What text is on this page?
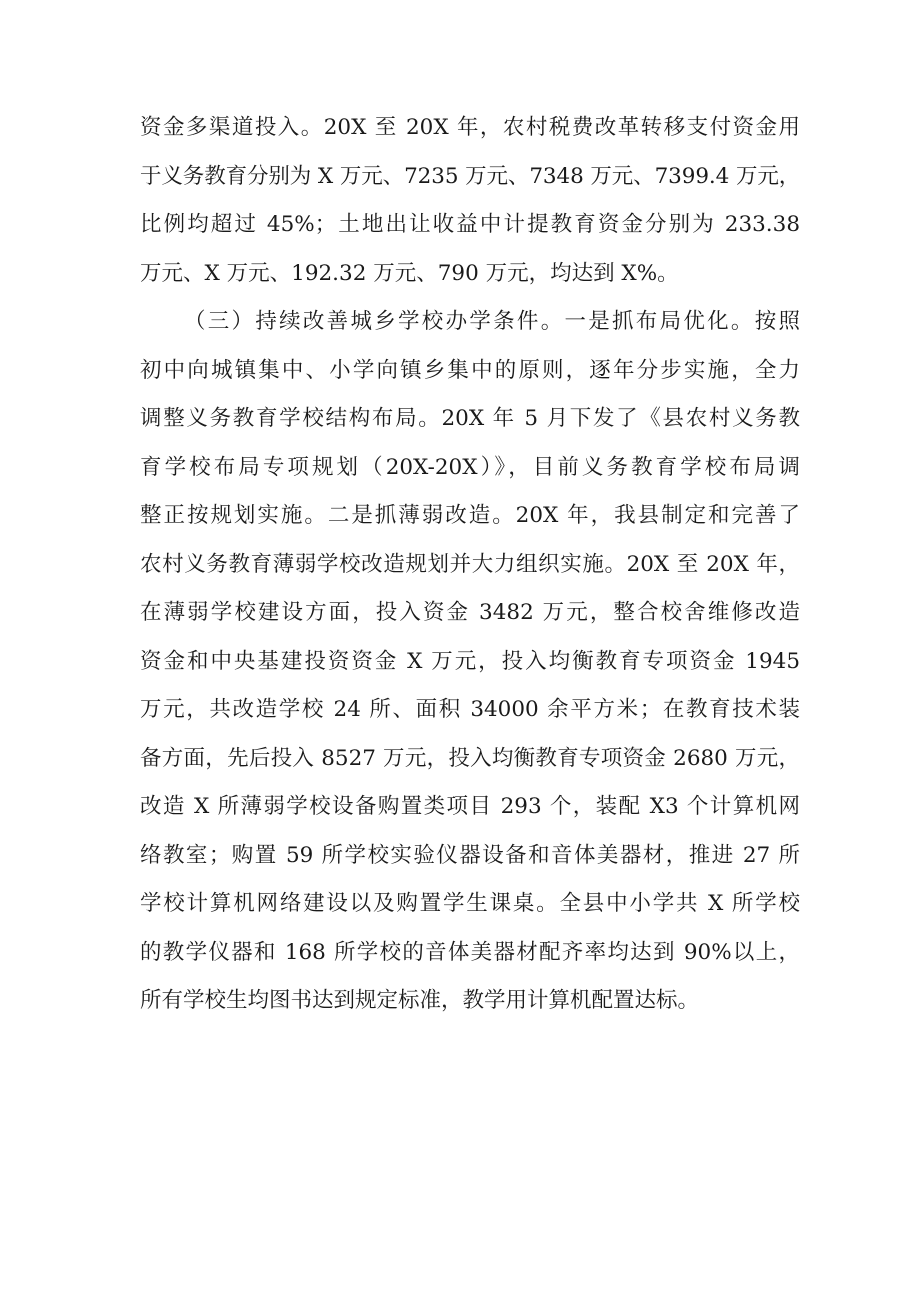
资金多渠道投入。20X 至 20X 年，农村税费改革转移支付资金用
于义务教育分别为 X 万元、7235 万元、7348 万元、7399.4 万元，
比例均超过 45%；土地出让收益中计提教育资金分别为 233.38
万元、X 万元、192.32 万元、790 万元，均达到 X%。
（三）持续改善城乡学校办学条件。一是抓布局优化。按照
初中向城镇集中、小学向镇乡集中的原则，逐年分步实施，全力
调整义务教育学校结构布局。20X 年 5 月下发了《县农村义务教
育学校布局专项规划（20X-20X）》，目前义务教育学校布局调
整正按规划实施。二是抓薄弱改造。20X 年，我县制定和完善了
农村义务教育薄弱学校改造规划并大力组织实施。20X 至 20X 年，
在薄弱学校建设方面，投入资金 3482 万元，整合校舍维修改造
资金和中央基建投资资金 X 万元，投入均衡教育专项资金 1945
万元，共改造学校 24 所、面积 34000 余平方米；在教育技术装
备方面，先后投入 8527 万元，投入均衡教育专项资金 2680 万元，
改造 X 所薄弱学校设备购置类项目 293 个，装配 X3 个计算机网
络教室；购置 59 所学校实验仪器设备和音体美器材，推进 27 所
学校计算机网络建设以及购置学生课桌。全县中小学共 X 所学校
的教学仪器和 168 所学校的音体美器材配齐率均达到 90%以上，
所有学校生均图书达到规定标准，教学用计算机配置达标。
